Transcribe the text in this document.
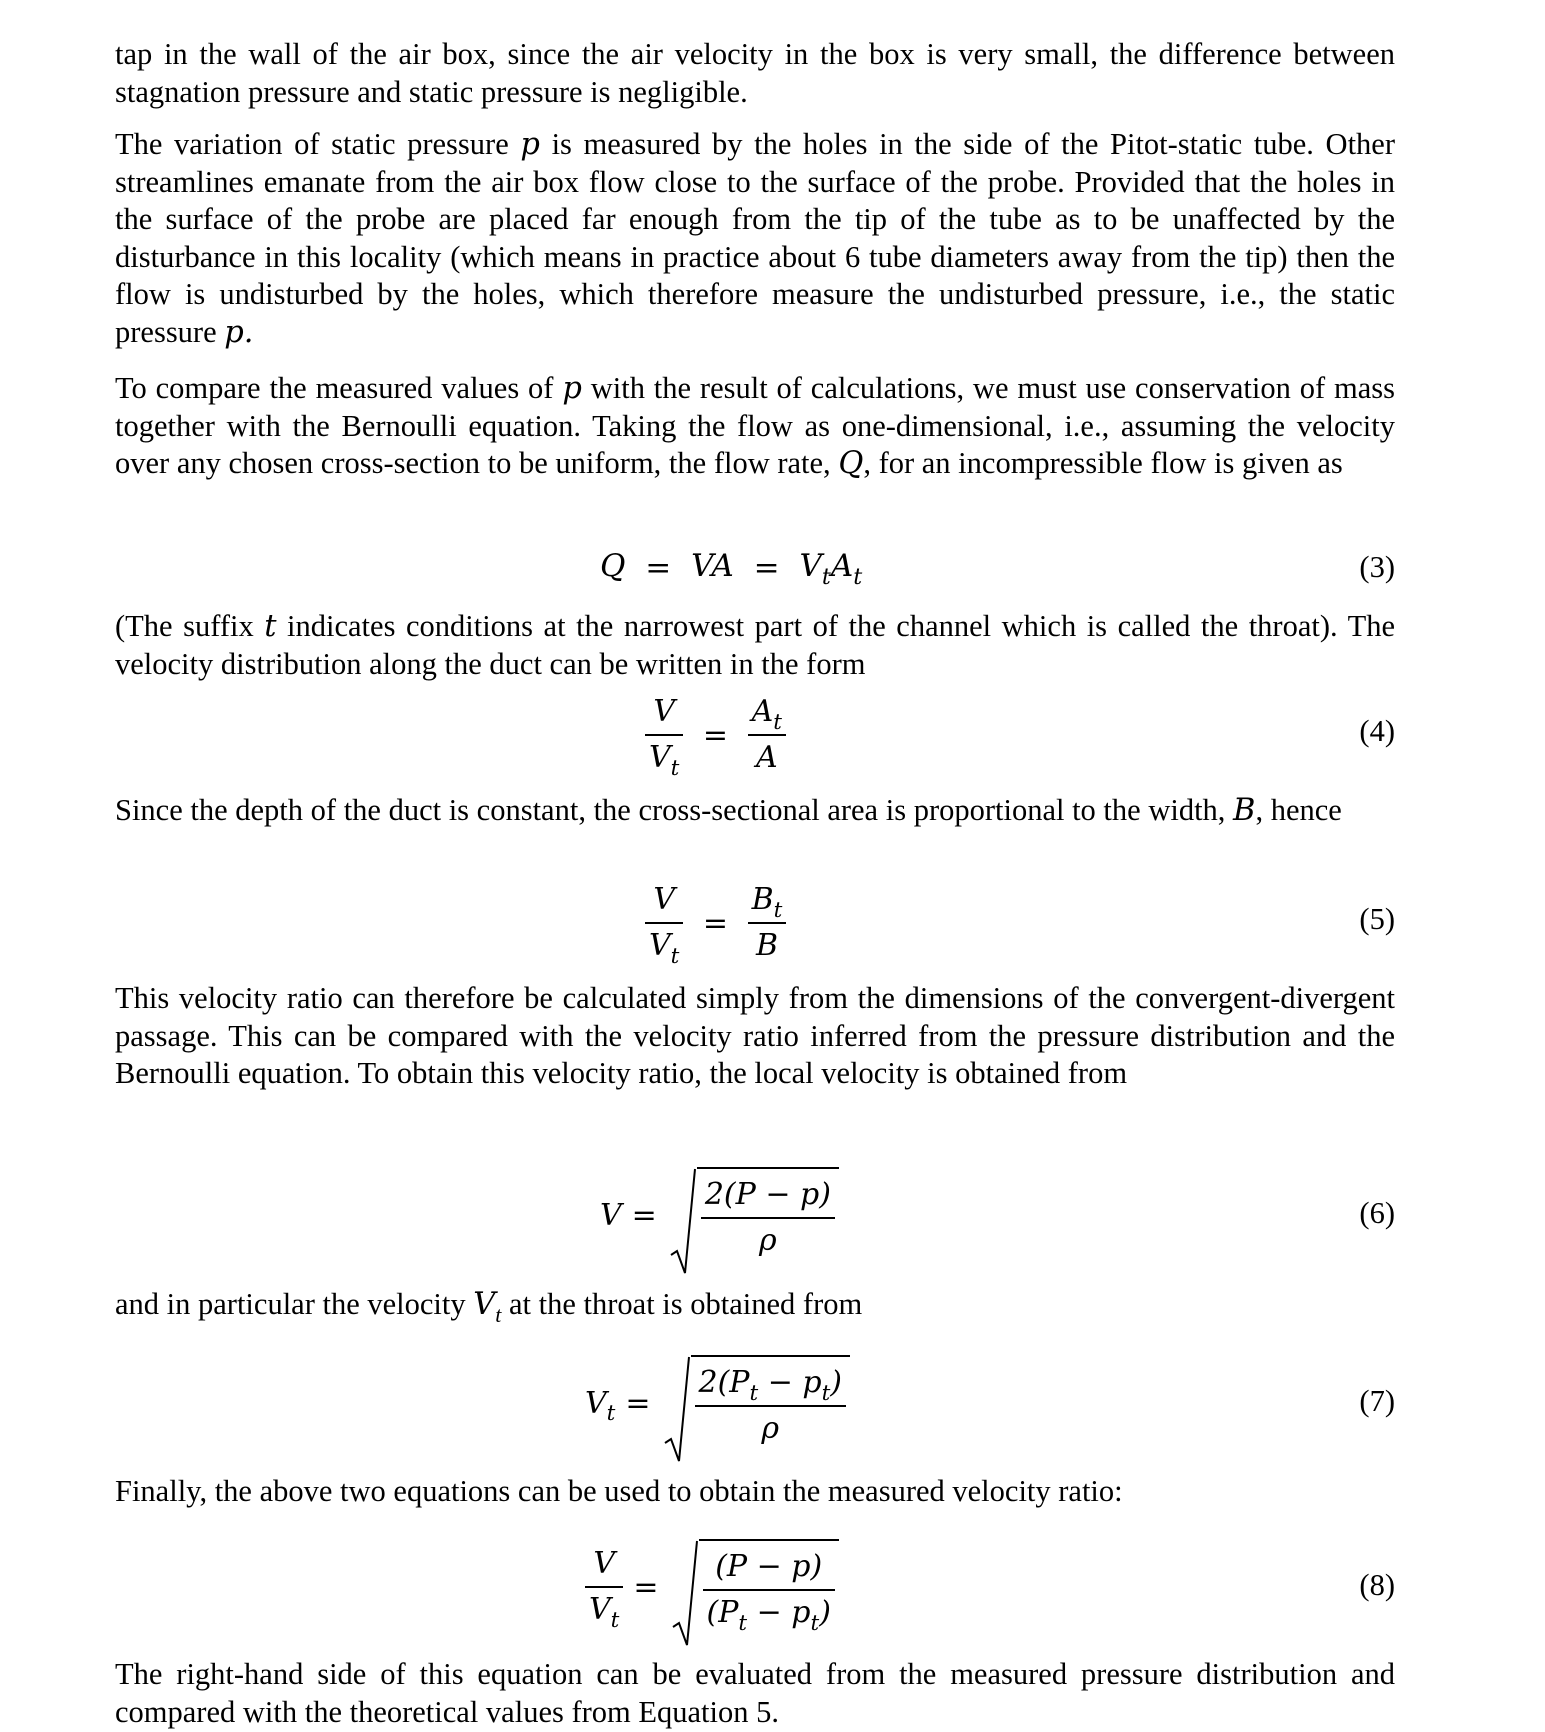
tap in the wall of the air box, since the air velocity in the box is very small, the difference between stagnation pressure and static pressure is negligible.

The variation of static pressure p is measured by the holes in the side of the Pitot-static tube. Other streamlines emanate from the air box flow close to the surface of the probe. Provided that the holes in the surface of the probe are placed far enough from the tip of the tube as to be unaffected by the disturbance in this locality (which means in practice about 6 tube diameters away from the tip) then the flow is undisturbed by the holes, which therefore measure the undisturbed pressure, i.e., the static pressure p.

To compare the measured values of p with the result of calculations, we must use conservation of mass together with the Bernoulli equation. Taking the flow as one-dimensional, i.e., assuming the velocity over any chosen cross-section to be uniform, the flow rate, Q, for an incompressible flow is given as

Q = VA = $V_tA_t$	(3)

(The suffix t indicates conditions at the narrowest part of the channel which is called the throat). The velocity distribution along the duct can be written in the form

$\frac{V}{V_t} = \frac{A_t}{A}$	(4)

Since the depth of the duct is constant, the cross-sectional area is proportional to the width, B, hence

$\frac{V}{V_t} = \frac{B_t}{B}$	(5)

This velocity ratio can therefore be calculated simply from the dimensions of the convergent-divergent passage. This can be compared with the velocity ratio inferred from the pressure distribution and the Bernoulli equation. To obtain this velocity ratio, the local velocity is obtained from

V =	$\frac{2(P - p)}{\rho}$	(6)

and in particular the velocity $V_t$ at the throat is obtained from

$V_t$ =	$\frac{2(P_t - p_t)}{\rho}$	(7)

Finally, the above two equations can be used to obtain the measured velocity ratio:

$\frac{V}{V_t}$ =	$\frac{(P - p)}{(P_t - p_t)}$	(8)

The right-hand side of this equation can be evaluated from the measured pressure distribution and compared with the theoretical values from Equation 5.
